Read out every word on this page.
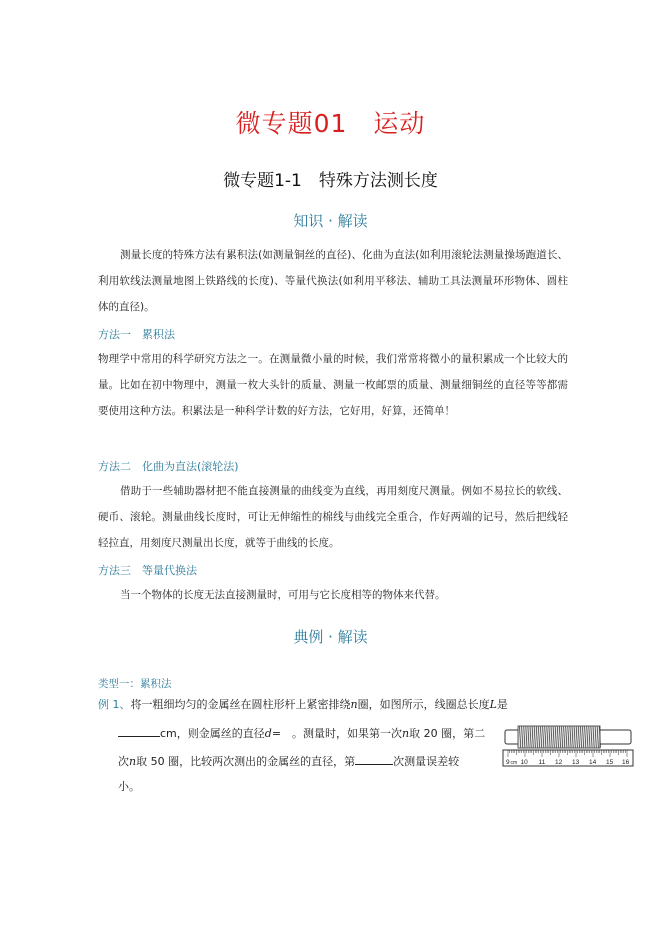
微专题01　运动
微专题1-1　特殊方法测长度
知识 · 解读
测量长度的特殊方法有累积法(如测量铜丝的直径)、化曲为直法(如利用滚轮法测量操场跑道长、利用软线法测量地图上铁路线的长度)、等量代换法(如利用平移法、辅助工具法测量环形物体、圆柱体的直径)。
方法一　累积法
物理学中常用的科学研究方法之一。在测量微小量的时候，我们常常将微小的量积累成一个比较大的量。比如在初中物理中，测量一枚大头针的质量、测量一枚邮票的质量、测量细铜丝的直径等等都需要使用这种方法。积累法是一种科学计数的好方法，它好用，好算，还简单！
方法二　化曲为直法(滚轮法)
借助于一些辅助器材把不能直接测量的曲线变为直线，再用刻度尺测量。例如不易拉长的软线、硬币、滚轮。测量曲线长度时，可让无伸缩性的棉线与曲线完全重合，作好两端的记号，然后把线轻轻拉直，用刻度尺测量出长度，就等于曲线的长度。
方法三　等量代换法
当一个物体的长度无法直接测量时，可用与它长度相等的物体来代替。
典例 · 解读
类型一：累积法
例 1、将一粗细均匀的金属丝在圆柱形杆上紧密排绕n圈，如图所示，线圈总长度L是
cm，则金属丝的直径d=　。测量时，如果第一次n取 20 圈，第二
次n取 50 圈，比较两次测出的金属丝的直径，第	次测量误差较
小。
9 cm 10 11 12 13 14 15 16
